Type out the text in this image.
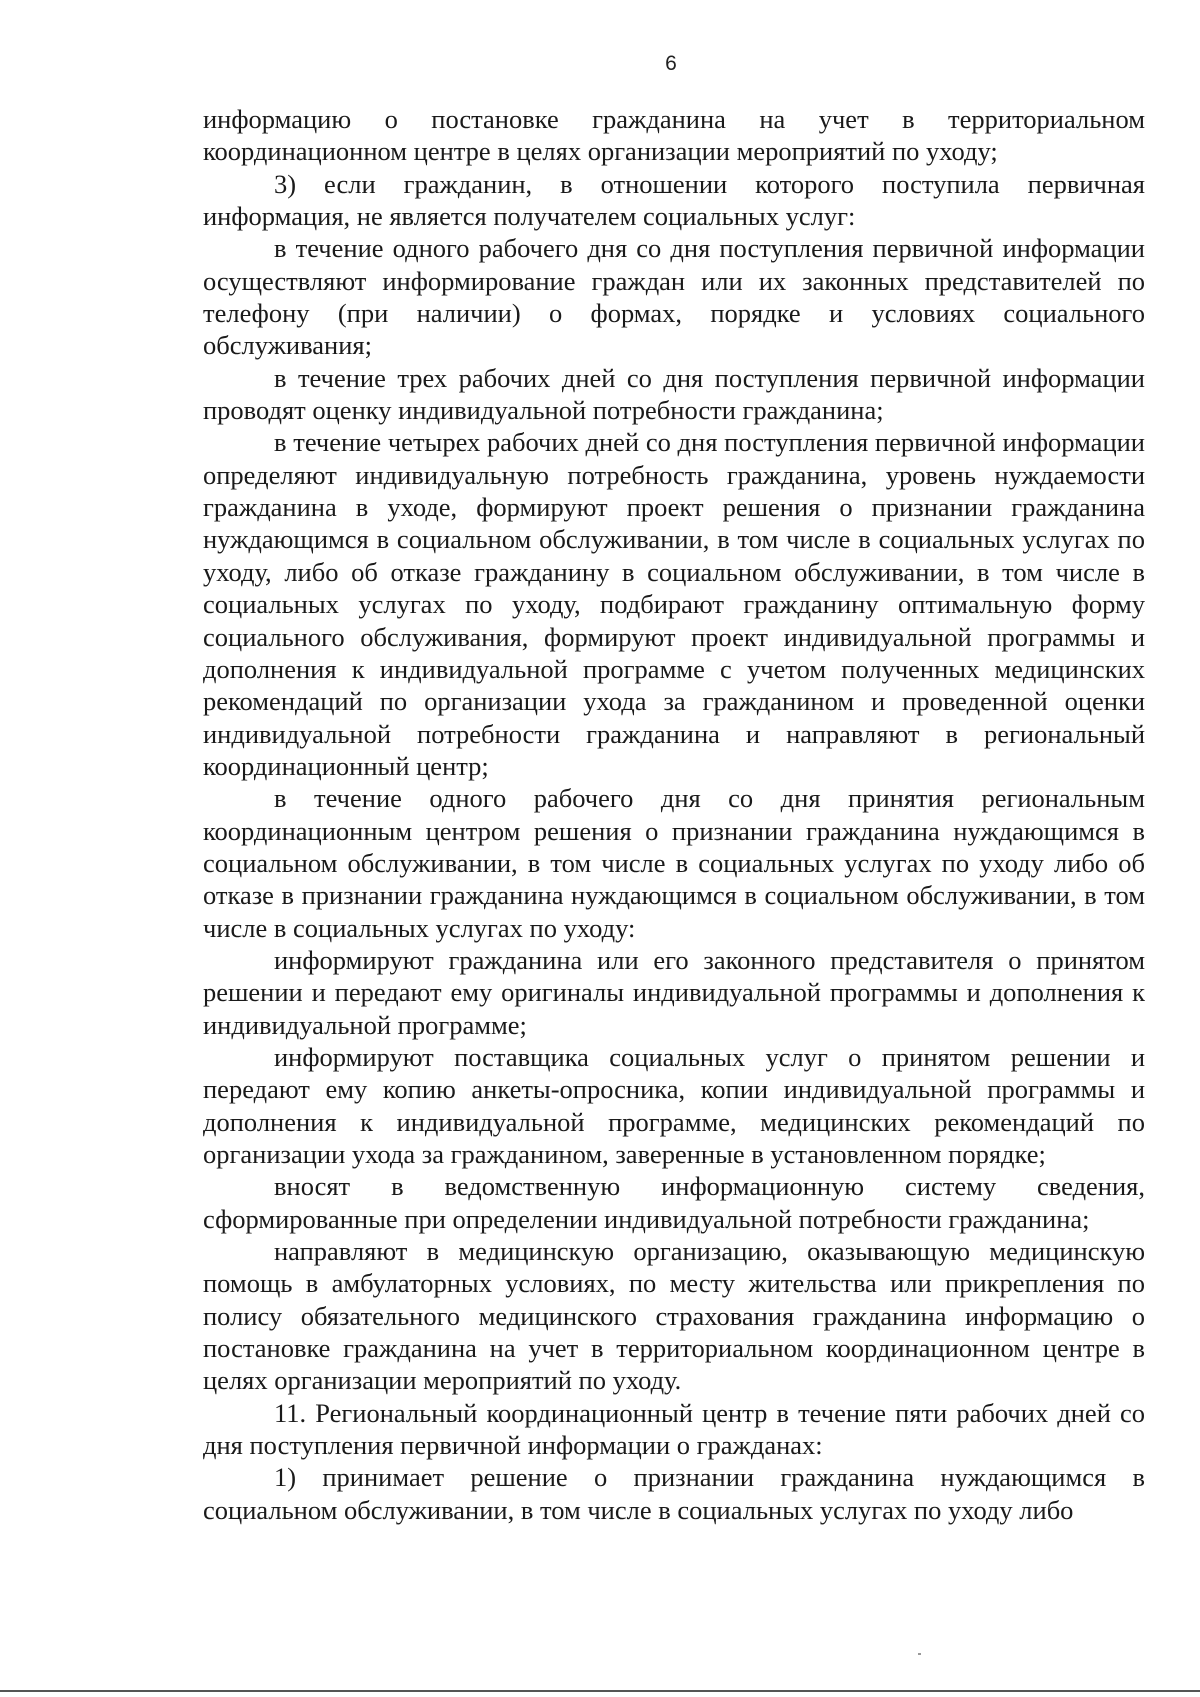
6

информацию о постановке гражданина на учет в территориальном координационном центре в целях организации мероприятий по уходу;

3) если гражданин, в отношении которого поступила первичная информация, не является получателем социальных услуг:

в течение одного рабочего дня со дня поступления первичной информации осуществляют информирование граждан или их законных представителей по телефону (при наличии) о формах, порядке и условиях социального обслуживания;

в течение трех рабочих дней со дня поступления первичной информации проводят оценку индивидуальной потребности гражданина;

в течение четырех рабочих дней со дня поступления первичной информации определяют индивидуальную потребность гражданина, уровень нуждаемости гражданина в уходе, формируют проект решения о признании гражданина нуждающимся в социальном обслуживании, в том числе в социальных услугах по уходу, либо об отказе гражданину в социальном обслуживании, в том числе в социальных услугах по уходу, подбирают гражданину оптимальную форму социального обслуживания, формируют проект индивидуальной программы и дополнения к индивидуальной программе с учетом полученных медицинских рекомендаций по организации ухода за гражданином и проведенной оценки индивидуальной потребности гражданина и направляют в региональный координационный центр;

в течение одного рабочего дня со дня принятия региональным координационным центром решения о признании гражданина нуждающимся в социальном обслуживании, в том числе в социальных услугах по уходу либо об отказе в признании гражданина нуждающимся в социальном обслуживании, в том числе в социальных услугах по уходу:

информируют гражданина или его законного представителя о принятом решении и передают ему оригиналы индивидуальной программы и дополнения к индивидуальной программе;

информируют поставщика социальных услуг о принятом решении и передают ему копию анкеты-опросника, копии индивидуальной программы и дополнения к индивидуальной программе, медицинских рекомендаций по организации ухода за гражданином, заверенные в установленном порядке;

вносят в ведомственную информационную систему сведения, сформированные при определении индивидуальной потребности гражданина;

направляют в медицинскую организацию, оказывающую медицинскую помощь в амбулаторных условиях, по месту жительства или прикрепления по полису обязательного медицинского страхования гражданина информацию о постановке гражданина на учет в территориальном координационном центре в целях организации мероприятий по уходу.

11. Региональный координационный центр в течение пяти рабочих дней со дня поступления первичной информации о гражданах:

1) принимает решение о признании гражданина нуждающимся в социальном обслуживании, в том числе в социальных услугах по уходу либо
